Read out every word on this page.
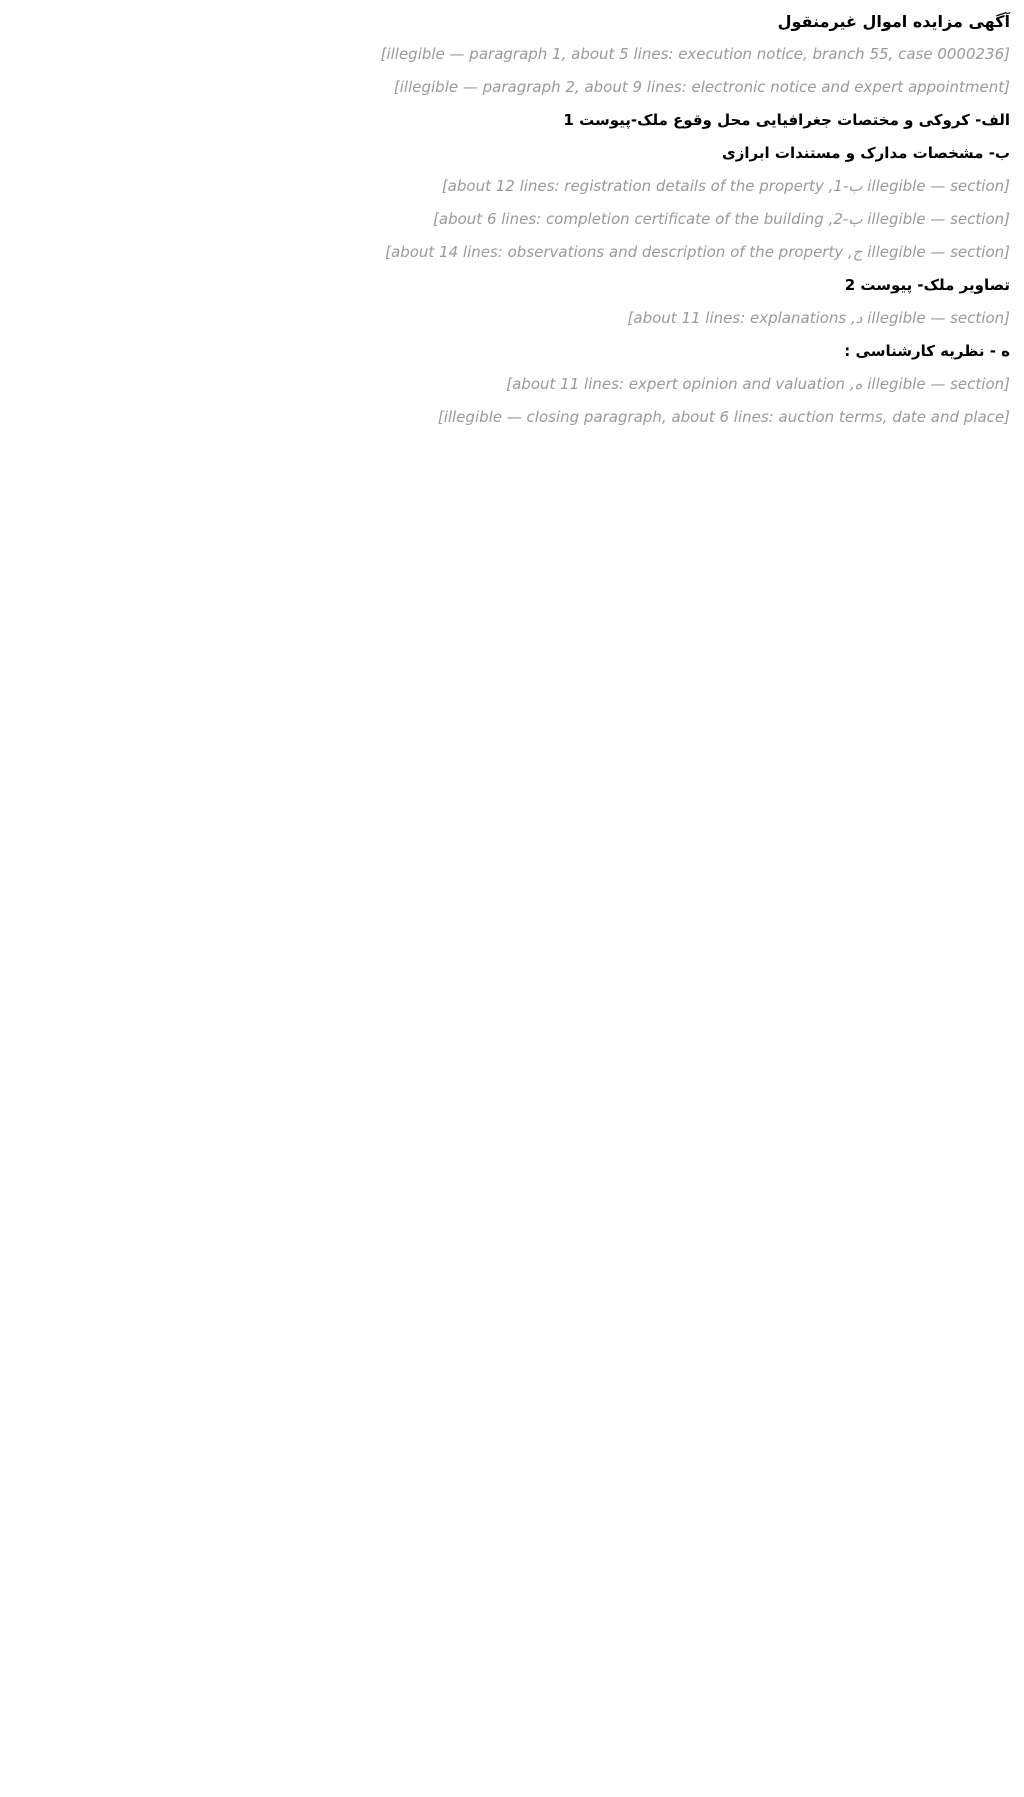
آگهی مزایده اموال غیرمنقول

[illegible — paragraph 1, about 5 lines: execution notice, branch 55, case 0000236]

[illegible — paragraph 2, about 9 lines: electronic notice and expert appointment]

الف- کروکی و مختصات جغرافیایی محل وقوع ملک-پیوست 1
ب- مشخصات مدارک و مستندات ابرازی

[illegible — section ب-1, about 12 lines: registration details of the property]

[illegible — section ب-2, about 6 lines: completion certificate of the building]

[illegible — section ج, about 14 lines: observations and description of the property]

تصاویر ملک- پیوست 2

[illegible — section د, about 11 lines: explanations]

ه - نظریه کارشناسی :

[illegible — section ه, about 11 lines: expert opinion and valuation]

[illegible — closing paragraph, about 6 lines: auction terms, date and place]
